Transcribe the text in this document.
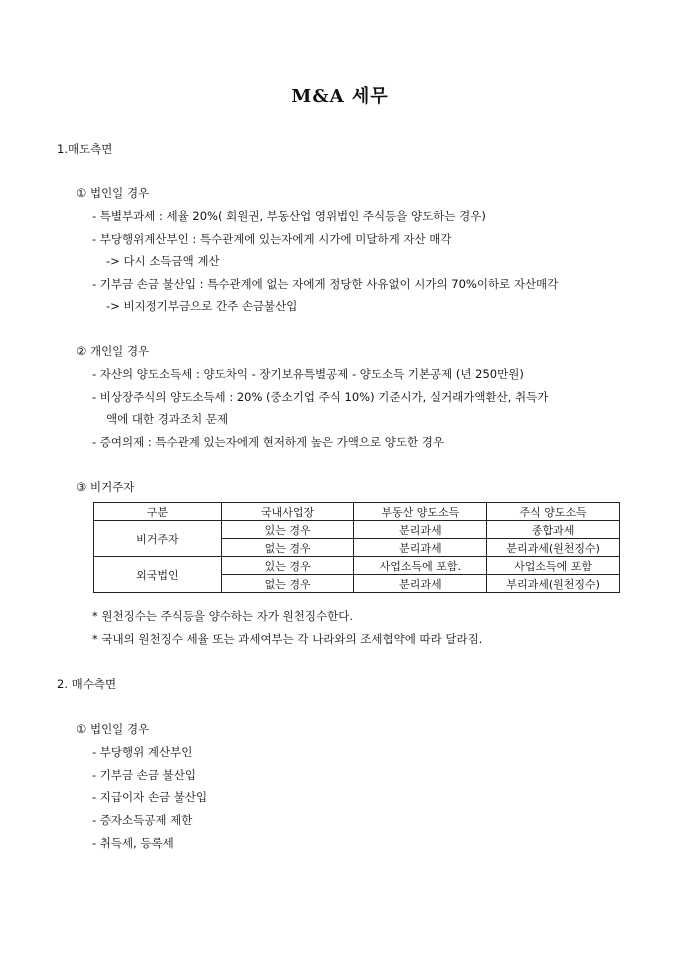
M&A 세무
1.매도측면
① 법인일 경우
- 특별부과세 : 세율 20%( 회원권, 부동산업 영위법인 주식등을 양도하는 경우)
- 부당행위계산부인 : 특수관계에 있는자에게 시가에 미달하게 자산 매각
-> 다시 소득금액 계산
- 기부금 손금 불산입 : 특수관계에 없는 자에게 정당한 사유없이 시가의 70%이하로 자산매각
-> 비지정기부금으로 간주 손금불산입
② 개인일 경우
- 자산의 양도소득세 : 양도차익 - 장기보유특별공제 - 양도소득 기본공제 (년 250만원)
- 비상장주식의 양도소득세 : 20% (중소기업 주식 10%) 기준시가, 실거래가액환산, 취득가
액에 대한 경과조치 문제
- 증여의제 : 특수관계 있는자에게 현저하게 높은 가액으로 양도한 경우
③ 비거주자
구분	국내사업장	부동산 양도소득	주식 양도소득
비거주자	있는 경우	분리과세	종합과세
	없는 경우	분리과세	분리과세(원천징수)
외국법인	있는 경우	사업소득에 포함.	사업소득에 포함
	없는 경우	분리과세	부리과세(원천징수)
* 원천징수는 주식등을 양수하는 자가 원천징수한다.
* 국내의 원천징수 세율 또는 과세여부는 각 나라와의 조세협약에 따라 달라짐.
2. 매수측면
① 법인일 경우
- 부당행위 계산부인
- 기부금 손금 불산입
- 지급이자 손금 불산입
- 증자소득공제 제한
- 취득세, 등록세
